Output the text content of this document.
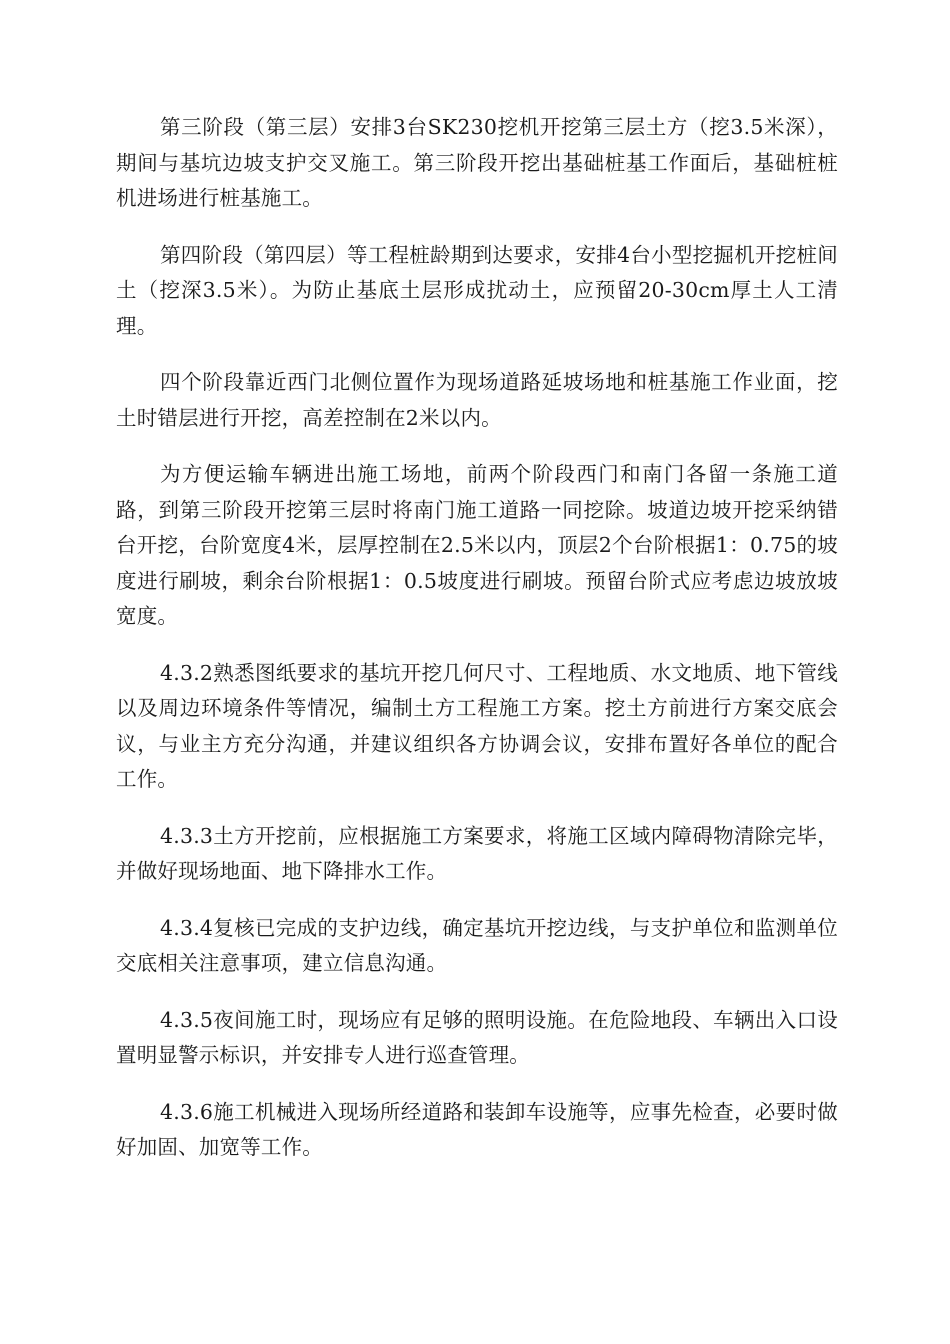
第三阶段（第三层）安排3台SK230挖机开挖第三层土方（挖3.5米深），期间与基坑边坡支护交叉施工。第三阶段开挖出基础桩基工作面后，基础桩桩机进场进行桩基施工。

第四阶段（第四层）等工程桩龄期到达要求，安排4台小型挖掘机开挖桩间土（挖深3.5米）。为防止基底土层形成扰动土，应预留20-30cm厚土人工清理。

四个阶段靠近西门北侧位置作为现场道路延坡场地和桩基施工作业面，挖土时错层进行开挖，高差控制在2米以内。

为方便运输车辆进出施工场地，前两个阶段西门和南门各留一条施工道路，到第三阶段开挖第三层时将南门施工道路一同挖除。坡道边坡开挖采纳错台开挖，台阶宽度4米，层厚控制在2.5米以内，顶层2个台阶根据1：0.75的坡度进行刷坡，剩余台阶根据1：0.5坡度进行刷坡。预留台阶式应考虑边坡放坡宽度。

4.3.2熟悉图纸要求的基坑开挖几何尺寸、工程地质、水文地质、地下管线以及周边环境条件等情况，编制土方工程施工方案。挖土方前进行方案交底会议，与业主方充分沟通，并建议组织各方协调会议，安排布置好各单位的配合工作。

4.3.3土方开挖前，应根据施工方案要求，将施工区域内障碍物清除完毕，并做好现场地面、地下降排水工作。

4.3.4复核已完成的支护边线，确定基坑开挖边线，与支护单位和监测单位交底相关注意事项，建立信息沟通。

4.3.5夜间施工时，现场应有足够的照明设施。在危险地段、车辆出入口设置明显警示标识，并安排专人进行巡查管理。

4.3.6施工机械进入现场所经道路和装卸车设施等，应事先检查，必要时做好加固、加宽等工作。
